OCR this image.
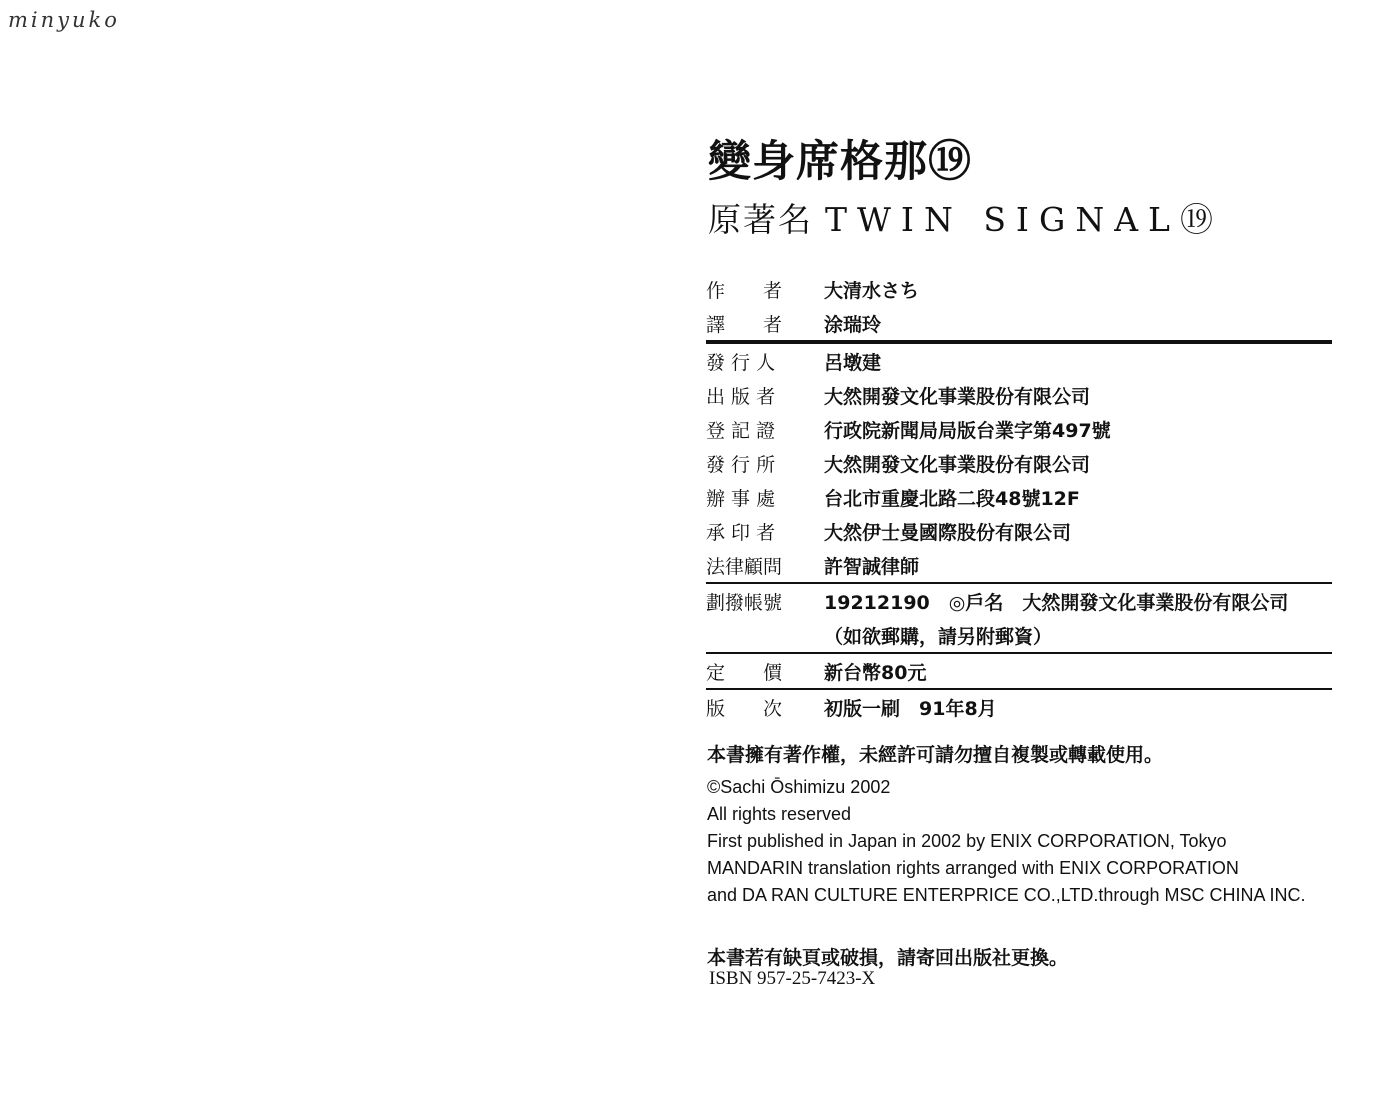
minyuko
變身席格那⑲
原著名 TWIN SIGNAL⑲
作　　者	大清水さち
譯　　者	涂瑞玲
發 行 人	呂墩建
出 版 者	大然開發文化事業股份有限公司
登 記 證	行政院新聞局局版台業字第497號
發 行 所	大然開發文化事業股份有限公司
辦 事 處	台北市重慶北路二段48號12F
承 印 者	大然伊士曼國際股份有限公司
法律顧問	許智誠律師
劃撥帳號	19212190　◎戶名　大然開發文化事業股份有限公司
（如欲郵購，請另附郵資）
定　　價	新台幣80元
版　　次	初版一刷　91年8月
本書擁有著作權，未經許可請勿擅自複製或轉載使用。
©Sachi Ōshimizu 2002
All rights reserved
First published in Japan in 2002 by ENIX CORPORATION, Tokyo
MANDARIN translation rights arranged with ENIX CORPORATION
and DA RAN CULTURE ENTERPRICE CO.,LTD.through MSC CHINA INC.
本書若有缺頁或破損，請寄回出版社更換。
ISBN 957-25-7423-X
